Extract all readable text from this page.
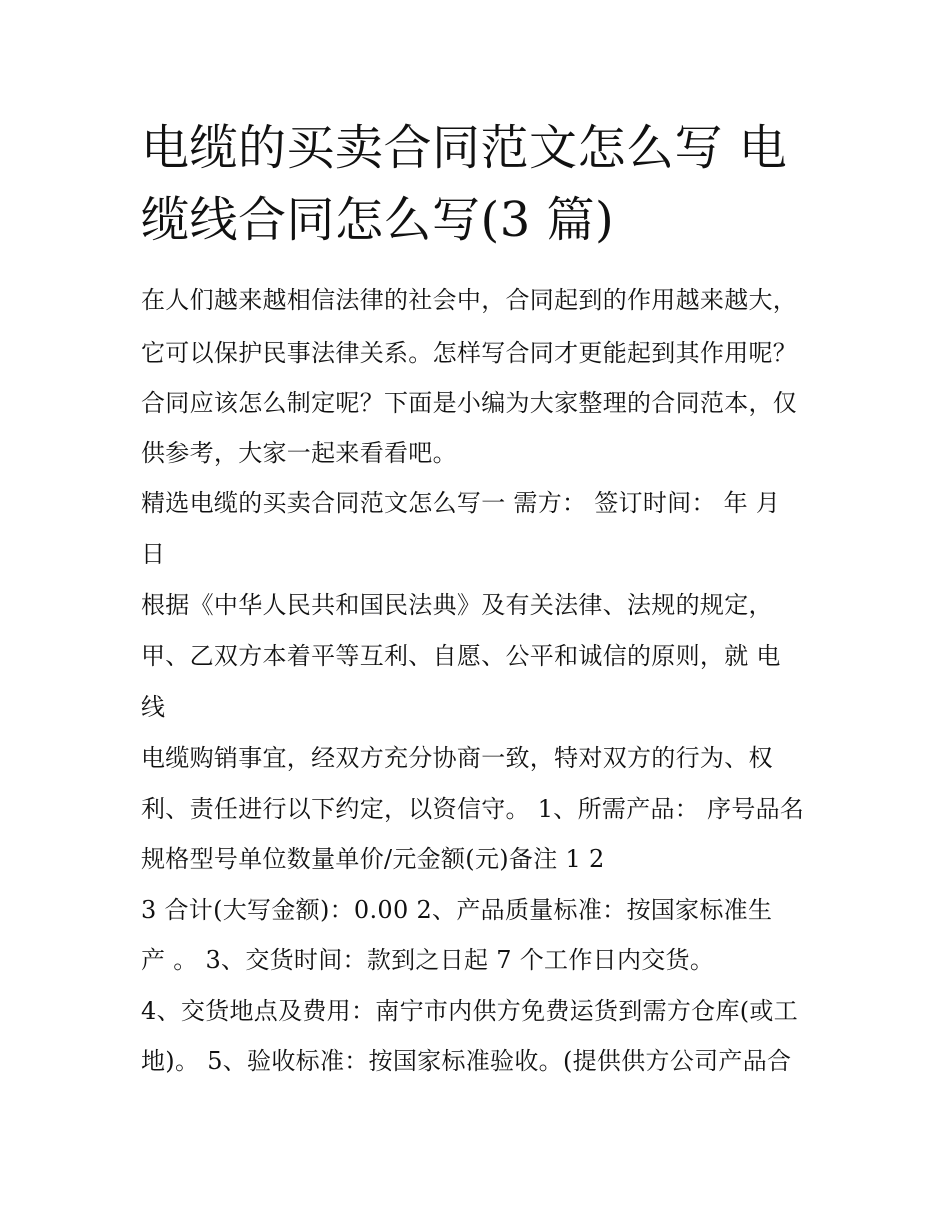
电缆的买卖合同范文怎么写 电
缆线合同怎么写(3 篇)

在人们越来越相信法律的社会中，合同起到的作用越来越大，

它可以保护民事法律关系。怎样写合同才更能起到其作用呢？

合同应该怎么制定呢？下面是小编为大家整理的合同范本，仅

供参考，大家一起来看看吧。

精选电缆的买卖合同范文怎么写一 需方： 签订时间： 年 月

日

根据《中华人民共和国民法典》及有关法律、法规的规定，

甲、乙双方本着平等互利、自愿、公平和诚信的原则，就 电

线

电缆购销事宜，经双方充分协商一致，特对双方的行为、权

利、责任进行以下约定，以资信守。 1、所需产品： 序号品名

规格型号单位数量单价/元金额(元)备注 1 2

3 合计(大写金额)：0.00 2、产品质量标准：按国家标准生

产 。 3、交货时间：款到之日起 7 个工作日内交货。

4、交货地点及费用：南宁市内供方免费运货到需方仓库(或工

地)。 5、验收标准：按国家标准验收。(提供供方公司产品合
